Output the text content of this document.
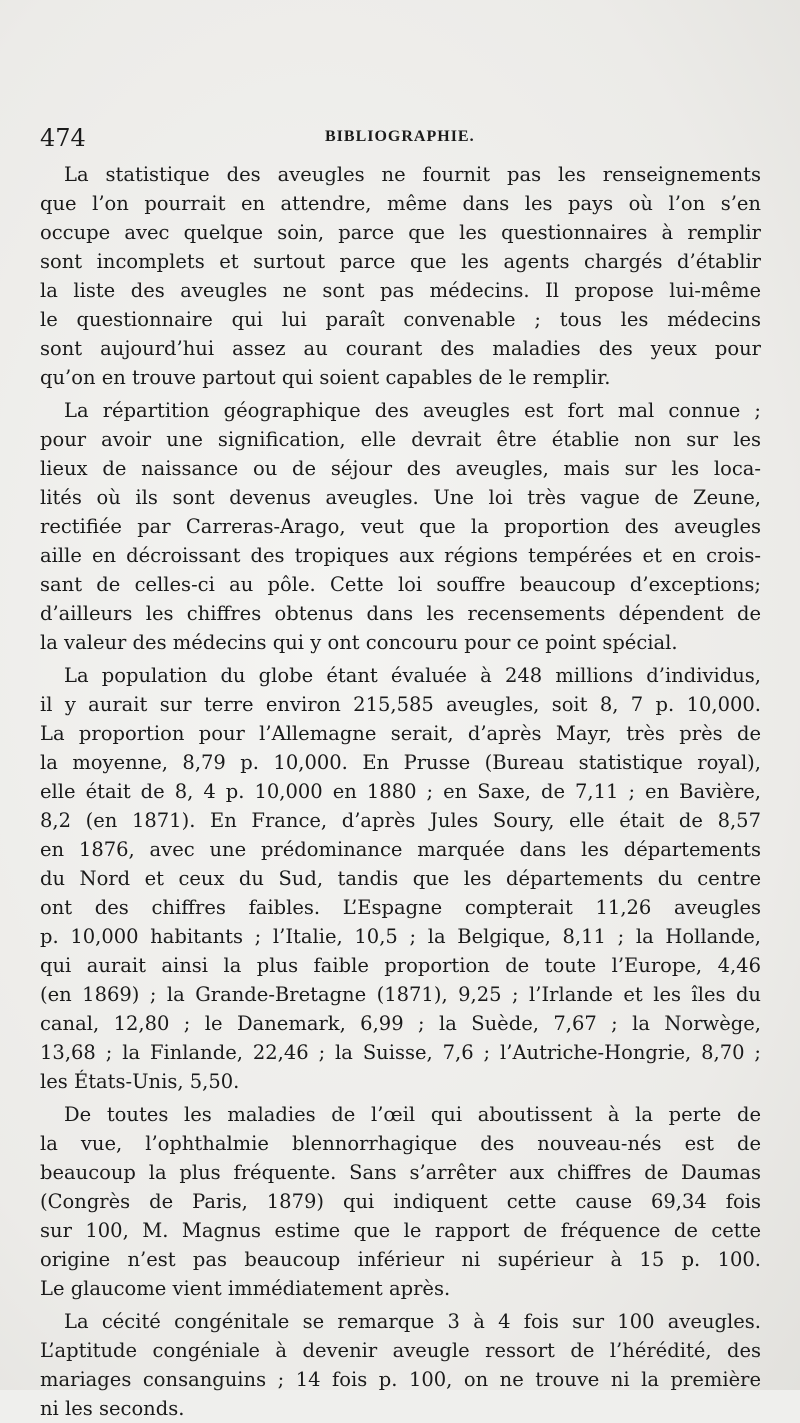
474	BIBLIOGRAPHIE.
La statistique des aveugles ne fournit pas les renseignements
que l’on pourrait en attendre, même dans les pays où l’on s’en
occupe avec quelque soin, parce que les questionnaires à remplir
sont incomplets et surtout parce que les agents chargés d’établir
la liste des aveugles ne sont pas médecins. Il propose lui-même
le questionnaire qui lui paraît convenable ; tous les médecins
sont aujourd’hui assez au courant des maladies des yeux pour
qu’on en trouve partout qui soient capables de le remplir.
La répartition géographique des aveugles est fort mal connue ;
pour avoir une signification, elle devrait être établie non sur les
lieux de naissance ou de séjour des aveugles, mais sur les loca-
lités où ils sont devenus aveugles. Une loi très vague de Zeune,
rectifiée par Carreras-Arago, veut que la proportion des aveugles
aille en décroissant des tropiques aux régions tempérées et en crois-
sant de celles-ci au pôle. Cette loi souffre beaucoup d’exceptions;
d’ailleurs les chiffres obtenus dans les recensements dépendent de
la valeur des médecins qui y ont concouru pour ce point spécial.
La population du globe étant évaluée à 248 millions d’individus,
il y aurait sur terre environ 215,585 aveugles, soit 8, 7 p. 10,000.
La proportion pour l’Allemagne serait, d’après Mayr, très près de
la moyenne, 8,79 p. 10,000. En Prusse (Bureau statistique royal),
elle était de 8, 4 p. 10,000 en 1880 ; en Saxe, de 7,11 ; en Bavière,
8,2 (en 1871). En France, d’après Jules Soury, elle était de 8,57
en 1876, avec une prédominance marquée dans les départements
du Nord et ceux du Sud, tandis que les départements du centre
ont des chiffres faibles. L’Espagne compterait 11,26 aveugles
p. 10,000 habitants ; l’Italie, 10,5 ; la Belgique, 8,11 ; la Hollande,
qui aurait ainsi la plus faible proportion de toute l’Europe, 4,46
(en 1869) ; la Grande-Bretagne (1871), 9,25 ; l’Irlande et les îles du
canal, 12,80 ; le Danemark, 6,99 ; la Suède, 7,67 ; la Norwège,
13,68 ; la Finlande, 22,46 ; la Suisse, 7,6 ; l’Autriche-Hongrie, 8,70 ;
les États-Unis, 5,50.
De toutes les maladies de l’œil qui aboutissent à la perte de
la vue, l’ophthalmie blennorrhagique des nouveau-nés est de
beaucoup la plus fréquente. Sans s’arrêter aux chiffres de Daumas
(Congrès de Paris, 1879) qui indiquent cette cause 69,34 fois
sur 100, M. Magnus estime que le rapport de fréquence de cette
origine n’est pas beaucoup inférieur ni supérieur à 15 p. 100.
Le glaucome vient immédiatement après.
La cécité congénitale se remarque 3 à 4 fois sur 100 aveugles.
L’aptitude congéniale à devenir aveugle ressort de l’hérédité, des
mariages consanguins ; 14 fois p. 100, on ne trouve ni la première
ni les seconds.
